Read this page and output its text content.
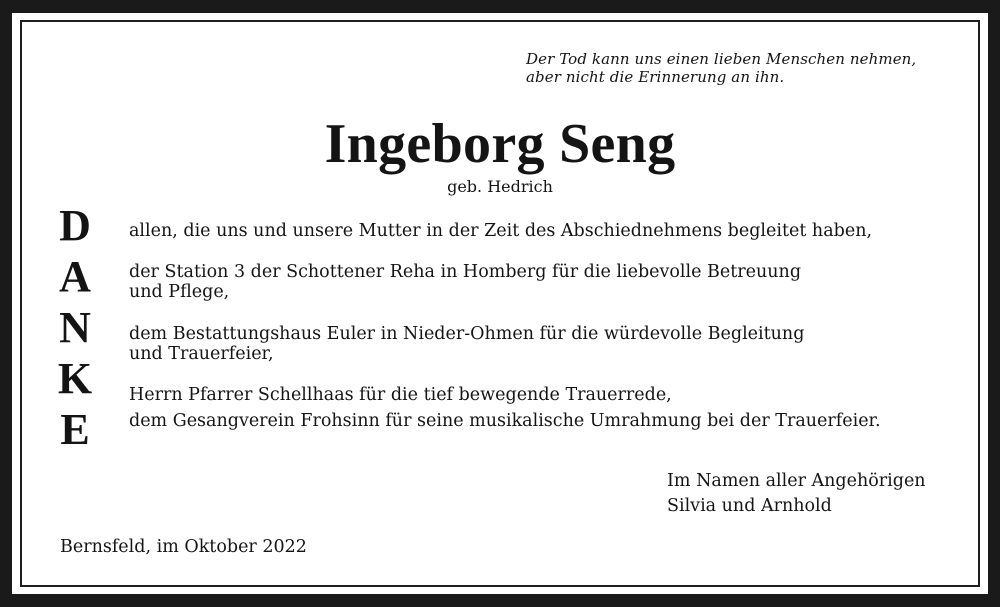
Der Tod kann uns einen lieben Menschen nehmen,
aber nicht die Erinnerung an ihn.
Ingeborg Seng
geb. Hedrich
D
A
N
K
E
allen, die uns und unsere Mutter in der Zeit des Abschiednehmens begleitet haben,
der Station 3 der Schottener Reha in Homberg für die liebevolle Betreuung
und Pflege,
dem Bestattungshaus Euler in Nieder-Ohmen für die würdevolle Begleitung
und Trauerfeier,
Herrn Pfarrer Schellhaas für die tief bewegende Trauerrede,
dem Gesangverein Frohsinn für seine musikalische Umrahmung bei der Trauerfeier.
Im Namen aller Angehörigen
Silvia und Arnhold
Bernsfeld, im Oktober 2022
